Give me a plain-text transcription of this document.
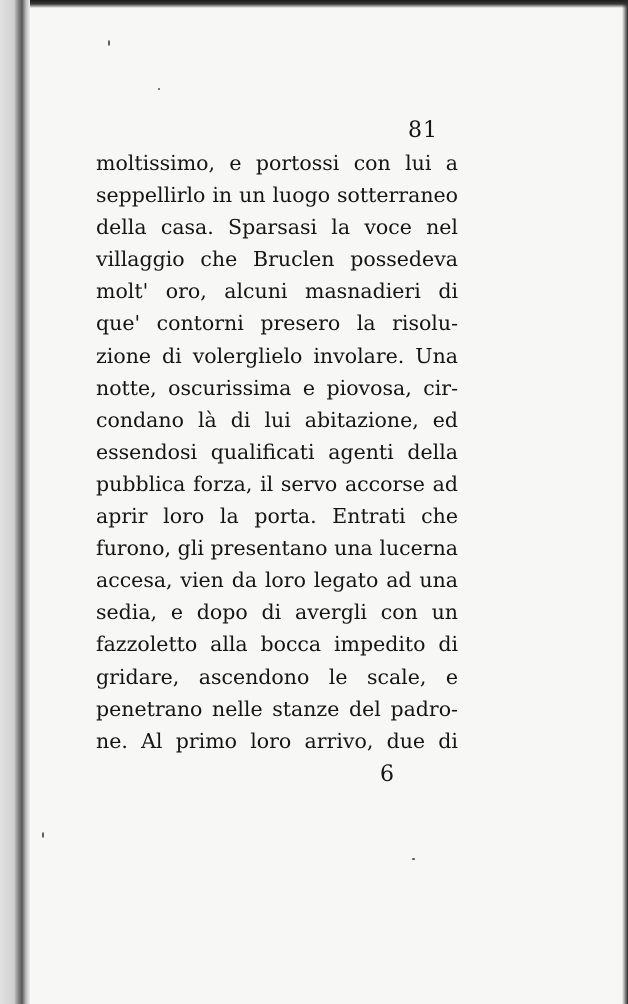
81
moltissimo, e portossi con lui a
seppellirlo in un luogo sotterraneo
della casa. Sparsasi la voce nel
villaggio che Bruclen possedeva
molt' oro, alcuni masnadieri di
que' contorni presero la risolu-
zione di volerglielo involare. Una
notte, oscurissima e piovosa, cir-
condano là di lui abitazione, ed
essendosi qualificati agenti della
pubblica forza, il servo accorse ad
aprir loro la porta. Entrati che
furono, gli presentano una lucerna
accesa, vien da loro legato ad una
sedia, e dopo di avergli con un
fazzoletto alla bocca impedito di
gridare, ascendono le scale, e
penetrano nelle stanze del padro-
ne. Al primo loro arrivo, due di
6
